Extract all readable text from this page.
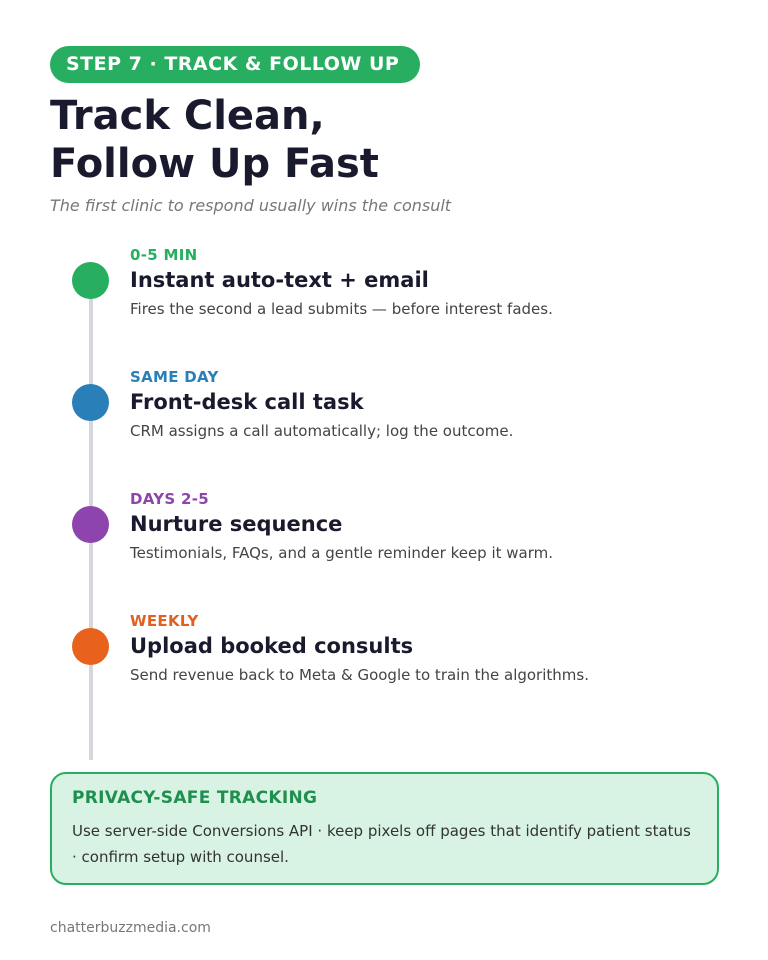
STEP 7 · TRACK & FOLLOW UP
Track Clean,
Follow Up Fast
The first clinic to respond usually wins the consult
0-5 MIN
Instant auto-text + email
Fires the second a lead submits — before interest fades.
SAME DAY
Front-desk call task
CRM assigns a call automatically; log the outcome.
DAYS 2-5
Nurture sequence
Testimonials, FAQs, and a gentle reminder keep it warm.
WEEKLY
Upload booked consults
Send revenue back to Meta & Google to train the algorithms.
PRIVACY-SAFE TRACKING
Use server-side Conversions API · keep pixels off pages that identify patient status · confirm setup with counsel.
chatterbuzzmedia.com
